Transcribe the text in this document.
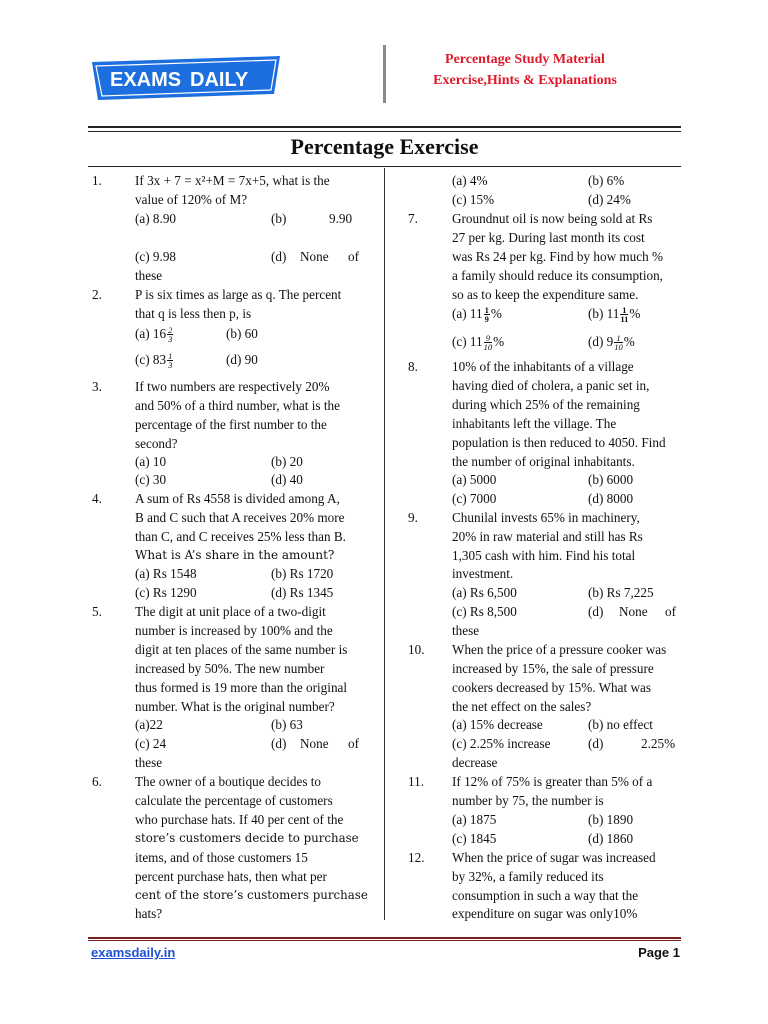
EXAMS DAILY
Percentage Study Material
Exercise,Hints & Explanations
Percentage Exercise
1.	If 3x + 7 = x²+M = 7x+5, what is the
value of 120% of M?
(a) 8.90	(b)	9.90
(c) 9.98	(d) None of
these
2.	P is six times as large as q. The percent
that q is less then p, is
(a) $16 \frac{2}{3}$	(b) 60
(c) $83 \frac{1}{3}$	(d) 90
3.	If two numbers are respectively 20%
and 50% of a third number, what is the
percentage of the first number to the
second?
(a) 10	(b) 20
(c) 30	(d) 40
4.	A sum of Rs 4558 is divided among A,
B and C such that A receives 20% more
than C, and C receives 25% less than B.
What is A’s share in the amount?
(a) Rs 1548	(b) Rs 1720
(c) Rs 1290	(d) Rs 1345
5.	The digit at unit place of a two-digit
number is increased by 100% and the
digit at ten places of the same number is
increased by 50%. The new number
thus formed is 19 more than the original
number. What is the original number?
(a)22	(b) 63
(c) 24	(d) None of
these
6.	The owner of a boutique decides to
calculate the percentage of customers
who purchase hats. If 40 per cent of the
store’s customers decide to purchase
items, and of those customers 15
percent purchase hats, then what per
cent of the store’s customers purchase
hats?
(a) 4%	(b) 6%
(c) 15%	(d) 24%
7.	Groundnut oil is now being sold at Rs
27 per kg. During last month its cost
was Rs 24 per kg. Find by how much %
a family should reduce its consumption,
so as to keep the expenditure same.
(a) $11 \frac{1}{9}$ %	(b) $11 \frac{1}{11}$ %
(c) $11 \frac{9}{10}$ %	(d) $9 \frac{1}{10}$ %
8.	10% of the inhabitants of a village
having died of cholera, a panic set in,
during which 25% of the remaining
inhabitants left the village. The
population is then reduced to 4050. Find
the number of original inhabitants.
(a) 5000	(b) 6000
(c) 7000	(d) 8000
9.	Chunilal invests 65% in machinery,
20% in raw material and still has Rs
1,305 cash with him. Find his total
investment.
(a) Rs 6,500	(b) Rs 7,225
(c) Rs 8,500	(d) None of
these
10. When the price of a pressure cooker was
increased by 15%, the sale of pressure
cookers decreased by 15%. What was
the net effect on the sales?
(a) 15% decrease	(b) no effect
(c) 2.25% increase	(d)	2.25%
decrease
11. If 12% of 75% is greater than 5% of a
number by 75, the number is
(a) 1875	(b) 1890
(c) 1845	(d) 1860
12. When the price of sugar was increased
by 32%, a family reduced its
consumption in such a way that the
expenditure on sugar was only10%
examsdaily.in	Page 1
